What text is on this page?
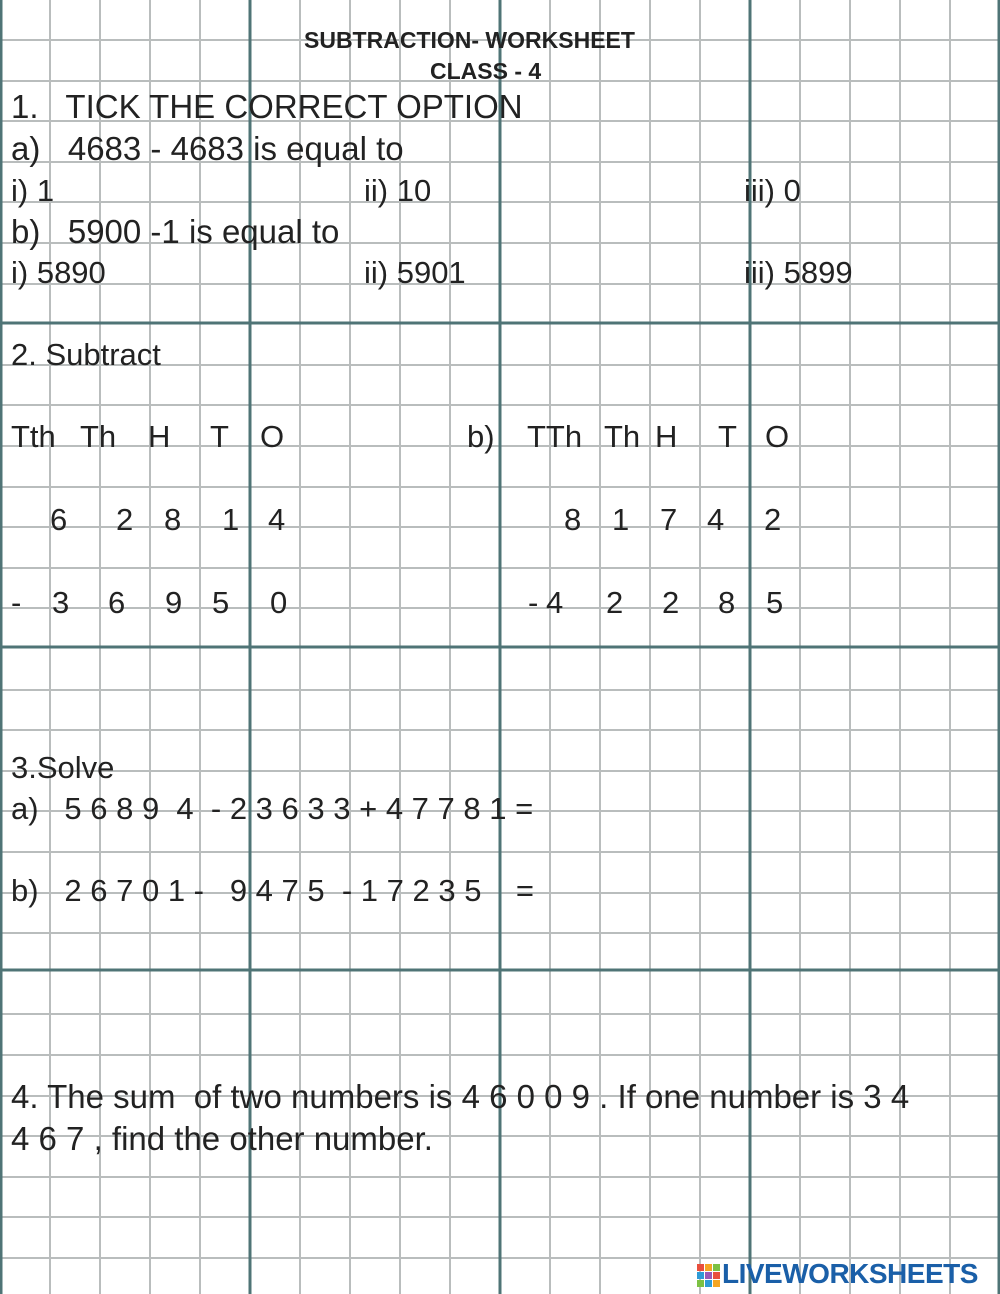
SUBTRACTION- WORKSHEET
CLASS - 4
1.   TICK THE CORRECT OPTION
a)   4683 - 4683 is equal to
i) 1	ii) 10	iii) 0
b)   5900 -1 is equal to
i) 5890	ii) 5901	iii) 5899
2. Subtract
Tth Th H T O
6 2 8 1 4
- 3 6 9 5 0
b) TTh Th H T O
8 1 7 4 2
- 4 2 2 8 5
3.Solve
a)   5 6 8 9  4  - 2 3 6 3 3 + 4 7 7 8 1 =
b)   2 6 7 0 1 -   9 4 7 5  - 1 7 2 3 5    =
4. The sum  of two numbers is 4 6 0 0 9 . If one number is 3 4
4 6 7 , find the other number.
LIVEWORKSHEETS
